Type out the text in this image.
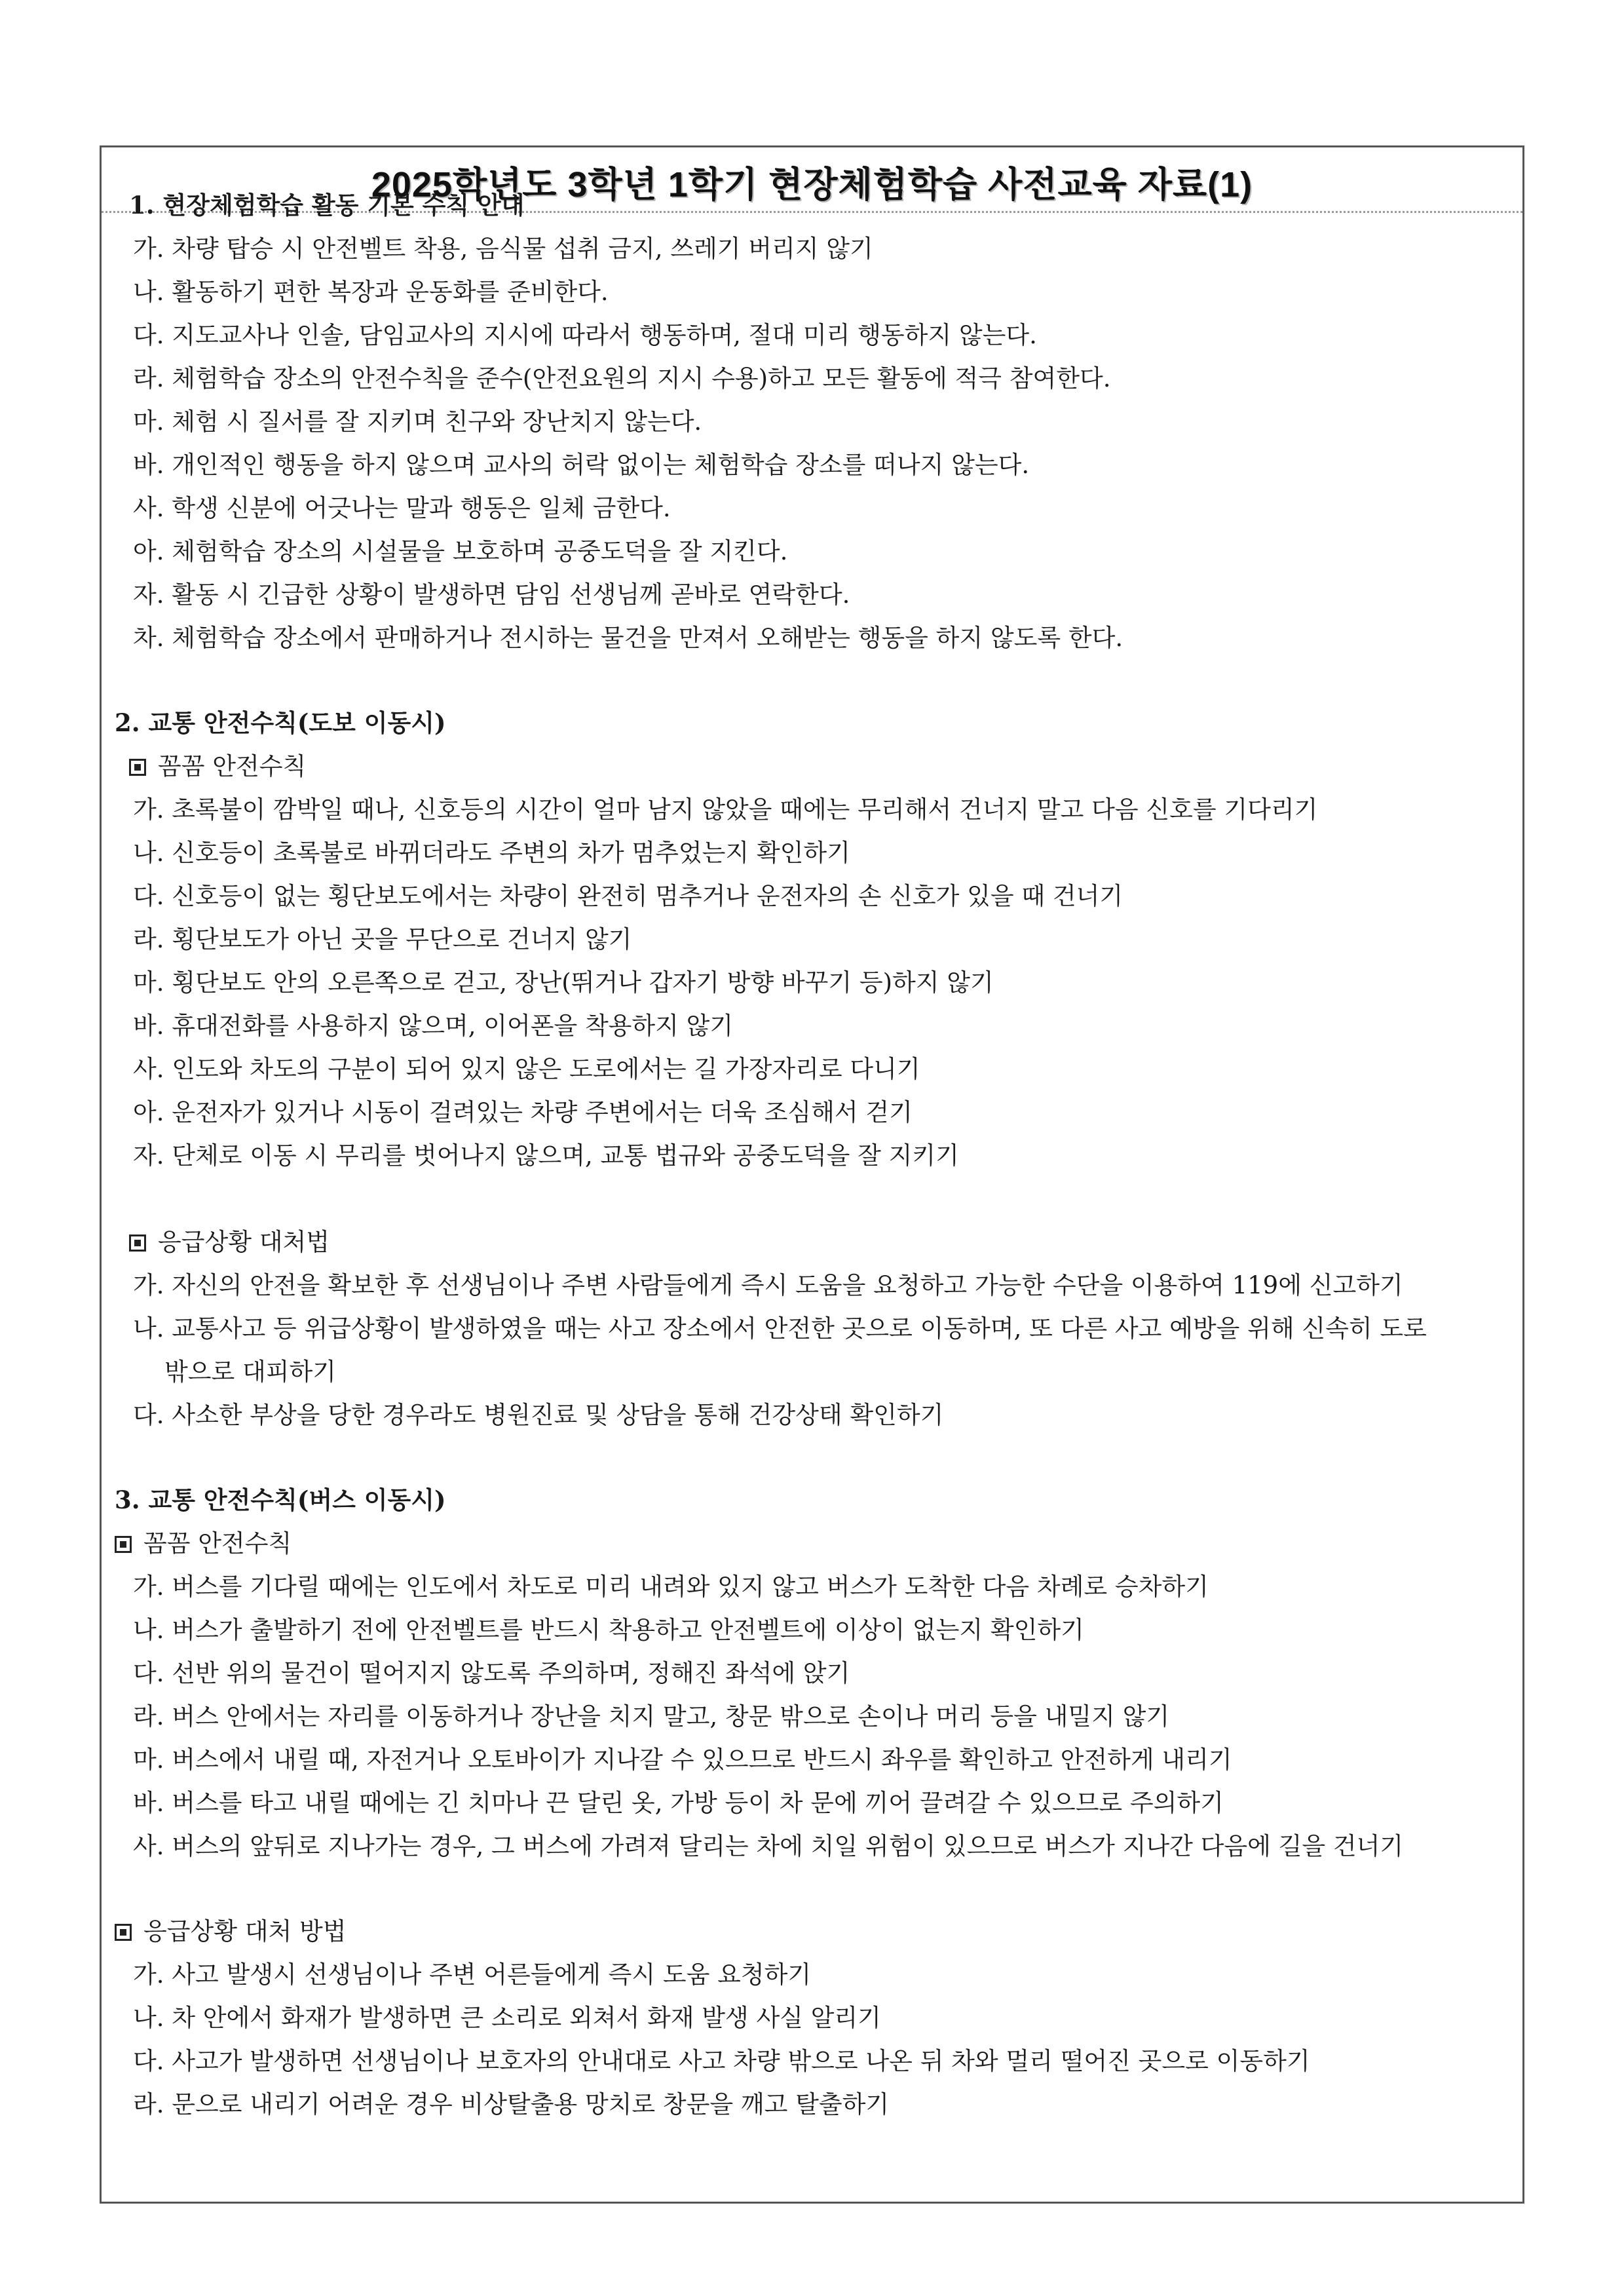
2025학년도 3학년 1학기 현장체험학습 사전교육 자료(1)
1. 현장체험학습 활동 기본 수칙 안내
가. 차량 탑승 시 안전벨트 착용, 음식물 섭취 금지, 쓰레기 버리지 않기
나. 활동하기 편한 복장과 운동화를 준비한다.
다. 지도교사나 인솔, 담임교사의 지시에 따라서 행동하며, 절대 미리 행동하지 않는다.
라. 체험학습 장소의 안전수칙을 준수(안전요원의 지시 수용)하고 모든 활동에 적극 참여한다.
마. 체험 시 질서를 잘 지키며 친구와 장난치지 않는다.
바. 개인적인 행동을 하지 않으며 교사의 허락 없이는 체험학습 장소를 떠나지 않는다.
사. 학생 신분에 어긋나는 말과 행동은 일체 금한다.
아. 체험학습 장소의 시설물을 보호하며 공중도덕을 잘 지킨다.
자. 활동 시 긴급한 상황이 발생하면 담임 선생님께 곧바로 연락한다.
차. 체험학습 장소에서 판매하거나 전시하는 물건을 만져서 오해받는 행동을 하지 않도록 한다.
2. 교통 안전수칙(도보 이동시)
꼼꼼 안전수칙
가. 초록불이 깜박일 때나, 신호등의 시간이 얼마 남지 않았을 때에는 무리해서 건너지 말고 다음 신호를 기다리기
나. 신호등이 초록불로 바뀌더라도 주변의 차가 멈추었는지 확인하기
다. 신호등이 없는 횡단보도에서는 차량이 완전히 멈추거나 운전자의 손 신호가 있을 때 건너기
라. 횡단보도가 아닌 곳을 무단으로 건너지 않기
마. 횡단보도 안의 오른쪽으로 걷고, 장난(뛰거나 갑자기 방향 바꾸기 등)하지 않기
바. 휴대전화를 사용하지 않으며, 이어폰을 착용하지 않기
사. 인도와 차도의 구분이 되어 있지 않은 도로에서는 길 가장자리로 다니기
아. 운전자가 있거나 시동이 걸려있는 차량 주변에서는 더욱 조심해서 걷기
자. 단체로 이동 시 무리를 벗어나지 않으며, 교통 법규와 공중도덕을 잘 지키기
응급상황 대처법
가. 자신의 안전을 확보한 후 선생님이나 주변 사람들에게 즉시 도움을 요청하고 가능한 수단을 이용하여 119에 신고하기
나. 교통사고 등 위급상황이 발생하였을 때는 사고 장소에서 안전한 곳으로 이동하며, 또 다른 사고 예방을 위해 신속히 도로
밖으로 대피하기
다. 사소한 부상을 당한 경우라도 병원진료 및 상담을 통해 건강상태 확인하기
3. 교통 안전수칙(버스 이동시)
꼼꼼 안전수칙
가. 버스를 기다릴 때에는 인도에서 차도로 미리 내려와 있지 않고 버스가 도착한 다음 차례로 승차하기
나. 버스가 출발하기 전에 안전벨트를 반드시 착용하고 안전벨트에 이상이 없는지 확인하기
다. 선반 위의 물건이 떨어지지 않도록 주의하며, 정해진 좌석에 앉기
라. 버스 안에서는 자리를 이동하거나 장난을 치지 말고, 창문 밖으로 손이나 머리 등을 내밀지 않기
마. 버스에서 내릴 때, 자전거나 오토바이가 지나갈 수 있으므로 반드시 좌우를 확인하고 안전하게 내리기
바. 버스를 타고 내릴 때에는 긴 치마나 끈 달린 옷, 가방 등이 차 문에 끼어 끌려갈 수 있으므로 주의하기
사. 버스의 앞뒤로 지나가는 경우, 그 버스에 가려져 달리는 차에 치일 위험이 있으므로 버스가 지나간 다음에 길을 건너기
응급상황 대처 방법
가. 사고 발생시 선생님이나 주변 어른들에게 즉시 도움 요청하기
나. 차 안에서 화재가 발생하면 큰 소리로 외쳐서 화재 발생 사실 알리기
다. 사고가 발생하면 선생님이나 보호자의 안내대로 사고 차량 밖으로 나온 뒤 차와 멀리 떨어진 곳으로 이동하기
라. 문으로 내리기 어려운 경우 비상탈출용 망치로 창문을 깨고 탈출하기
